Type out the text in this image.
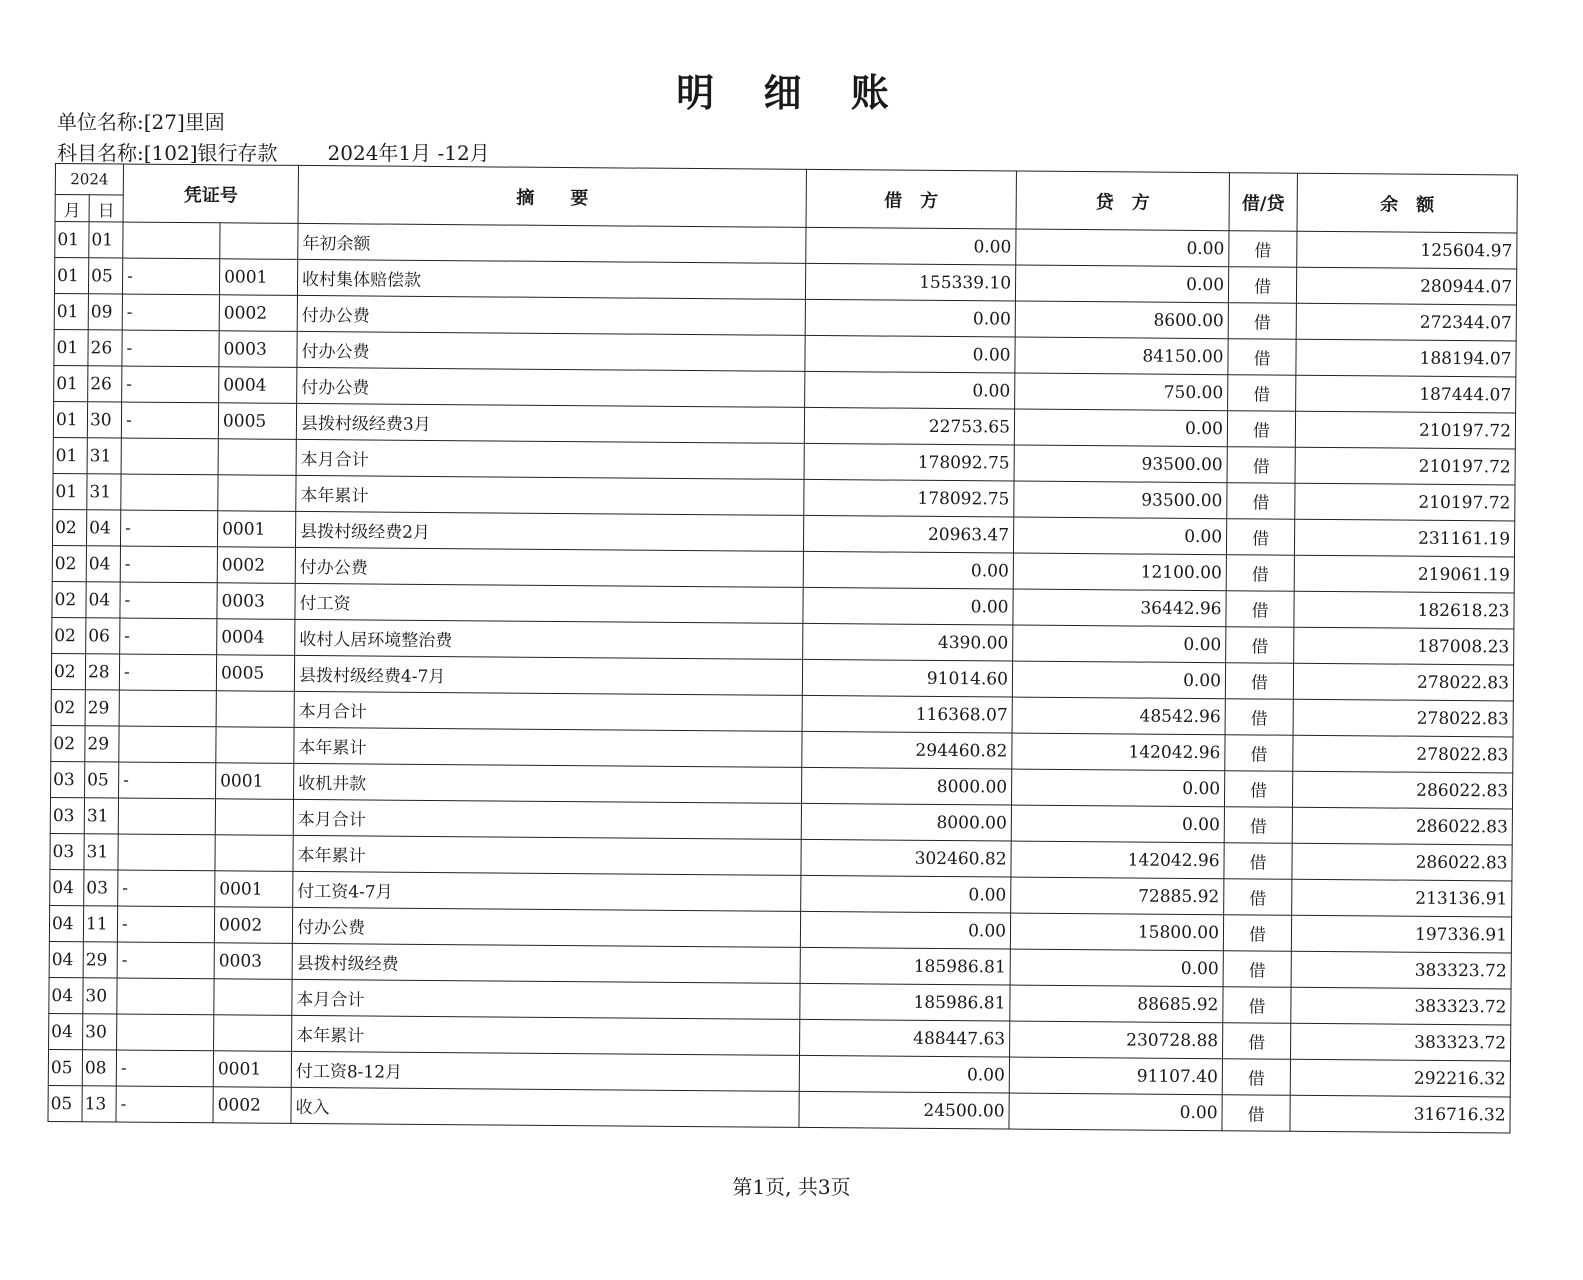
明 细 账
单位名称:[27]里固
科目名称:[102]银行存款	2024年1月 -12月
2024		凭证号		摘　　要	借　方	贷　方	借/贷	余　额
月	日							
01	01			年初余额	0.00	0.00	借	125604.97
01	05	-	0001	收村集体赔偿款	155339.10	0.00	借	280944.07
01	09	-	0002	付办公费	0.00	8600.00	借	272344.07
01	26	-	0003	付办公费	0.00	84150.00	借	188194.07
01	26	-	0004	付办公费	0.00	750.00	借	187444.07
01	30	-	0005	县拨村级经费3月	22753.65	0.00	借	210197.72
01	31			本月合计	178092.75	93500.00	借	210197.72
01	31			本年累计	178092.75	93500.00	借	210197.72
02	04	-	0001	县拨村级经费2月	20963.47	0.00	借	231161.19
02	04	-	0002	付办公费	0.00	12100.00	借	219061.19
02	04	-	0003	付工资	0.00	36442.96	借	182618.23
02	06	-	0004	收村人居环境整治费	4390.00	0.00	借	187008.23
02	28	-	0005	县拨村级经费4-7月	91014.60	0.00	借	278022.83
02	29			本月合计	116368.07	48542.96	借	278022.83
02	29			本年累计	294460.82	142042.96	借	278022.83
03	05	-	0001	收机井款	8000.00	0.00	借	286022.83
03	31			本月合计	8000.00	0.00	借	286022.83
03	31			本年累计	302460.82	142042.96	借	286022.83
04	03	-	0001	付工资4-7月	0.00	72885.92	借	213136.91
04	11	-	0002	付办公费	0.00	15800.00	借	197336.91
04	29	-	0003	县拨村级经费	185986.81	0.00	借	383323.72
04	30			本月合计	185986.81	88685.92	借	383323.72
04	30			本年累计	488447.63	230728.88	借	383323.72
05	08	-	0001	付工资8-12月	0.00	91107.40	借	292216.32
05	13	-	0002	收入	24500.00	0.00	借	316716.32
第1页, 共3页
